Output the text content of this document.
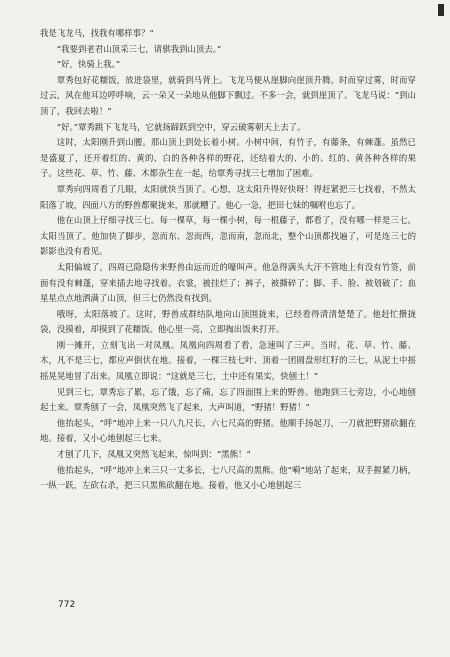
我是飞龙马，找我有哪样事？”

“我要到老君山顶采三七，请骐我到山顶去。”

“好，快骑上我。”

覃秀包好花糯饭，放进袋里，就骑到马背上。飞龙马便从崖脚向崖顶升腾。时而穿过雾，时而穿过云，风在他耳边呼呼响，云一朵又一朵地从他脚下飘过。不多一会，就到崖顶了。飞龙马说：“到山顶了，我回去啦！”

“好。”覃秀跳下飞龙马，它就扬蹄跃到空中，穿云破雾朝天上去了。

这时，太阳刚升到山腰。那山顶上到处长着小树。小树中间，有竹子，有藤条，有棘蓬。虽然已是盛夏了，还开着红的、黄的、白的各种各样的野花，还结着大的、小的、红的、黄各种各样的果子。这些花、草、竹、藤、木都杂生在一起，给覃秀寻找三七增加了困难。

覃秀向四周看了几眼，太阳就快当顶了。心想，这太阳升得好快呀！得赶紧把三七找着，不然太阳落了坡，四面八方的野兽都聚拢来，那就糟了。他心一急，把田七妹的嘱咐也忘了。

他在山顶上仔细寻找三七。每一棵草，每一棵小树，每一根藤子，都看了，没有哪一样是三七。太阳当顶了。他加快了脚步，忽而东、忽而西，忽而南，忽而北，整个山顶都找遍了，可是连三七的影影也没有看见。

太阳偏坡了，四周已隐隐传来野兽由远而近的嚎叫声。他急得满头大汗不管地上有没有竹签，前面有没有棘蓬，穿来插去地寻找着。衣裳，被挂烂了；裤子，被撕碎了；脚、手、脸、被划破了；血星星点点地洒满了山顶，但三七仍然没有找到。

哦呀，太阳落坡了。这时，野兽成群结队地向山顶围拢来，已经看得清清楚楚了。他赶忙攒拢袋，没摸着，却摸到了花糯饭。他心里一亮，立即掏出饭来打开。

刚一摊开，立刻飞出一对凤凰。凤凰向四周看了看，急速叫了三声。当时，花、草、竹、藤、木，凡不是三七，都应声倒伏在地。接着，一棵三枝七叶、顶着一团圆盘形红籽的三七，从泥土中摇摇晃晃地冒了出来。凤凰立即说：“这就是三七，土中还有果实，快刨土！”

见到三七，覃秀忘了累，忘了饿，忘了痛，忘了四面围上来的野兽。他跑到三七旁边，小心地刨起土来。覃秀刨了一会，凤凰突然飞了起来，大声叫道，“野猪！野猪！”

他抬起头，“呼”地冲上来一只八九尺长，六七尺高的野猪。他顺手扬起刀，一刀就把野猪砍翻在地。接着，又小心地刨起三七来。

才刨了几下，凤凰又突然飞起来，惊叫到：“黑熊！”

他抬起头，“呼”地冲上来三只一丈多长，七八尺高的黑熊。他“嗬”地站了起来，双手握紧刀柄，一纵一跃，左砍右杀，把三只黑熊砍翻在地。接着，他又小心地刨起三

772
